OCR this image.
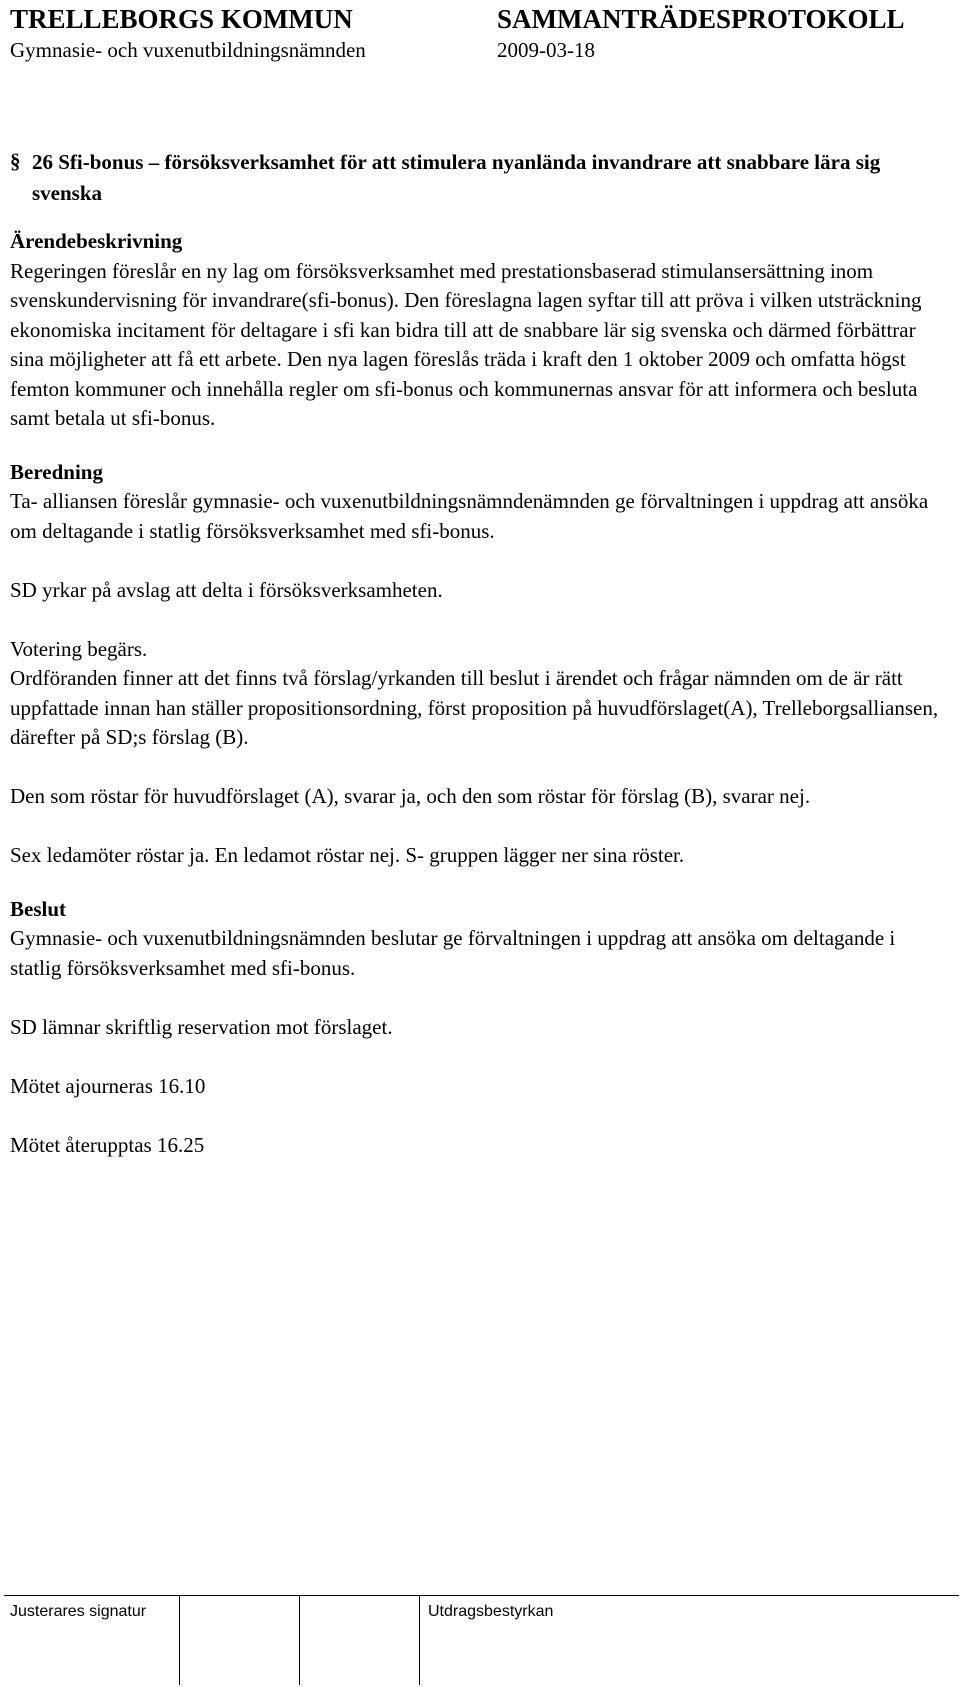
TRELLEBORGS KOMMUN	SAMMANTRÄDESPROTOKOLL
Gymnasie- och vuxenutbildningsnämnden	2009-03-18
§ 26 Sfi-bonus – försöksverksamhet för att stimulera nyanlända invandrare att snabbare lära sig svenska
Ärendebeskrivning

Regeringen föreslår en ny lag om försöksverksamhet med prestationsbaserad stimulansersättning inom svenskundervisning för invandrare(sfi-bonus). Den föreslagna lagen syftar till att pröva i vilken utsträckning ekonomiska incitament för deltagare i sfi kan bidra till att de snabbare lär sig svenska och därmed förbättrar sina möjligheter att få ett arbete. Den nya lagen föreslås träda i kraft den 1 oktober 2009 och omfatta högst femton kommuner och innehålla regler om sfi-bonus och kommunernas ansvar för att informera och besluta samt betala ut sfi-bonus.

Beredning

Ta- alliansen föreslår gymnasie- och vuxenutbildningsnämndenämnden ge förvaltningen i uppdrag att ansöka om deltagande i statlig försöksverksamhet med sfi-bonus.

SD yrkar på avslag att delta i försöksverksamheten.

Votering begärs.

Ordföranden finner att det finns två förslag/yrkanden till beslut i ärendet och frågar nämnden om de är rätt uppfattade innan han ställer propositionsordning, först proposition på huvudförslaget(A), Trelleborgsalliansen, därefter på SD;s förslag (B).

Den som röstar för huvudförslaget (A), svarar ja, och den som röstar för förslag (B), svarar nej.

Sex ledamöter röstar ja. En ledamot röstar nej. S- gruppen lägger ner sina röster.

Beslut

Gymnasie- och vuxenutbildningsnämnden beslutar ge förvaltningen i uppdrag att ansöka om deltagande i statlig försöksverksamhet med sfi-bonus.

SD lämnar skriftlig reservation mot förslaget.

Mötet ajourneras 16.10

Mötet återupptas 16.25

Justerares signatur	Utdragsbestyrkan
